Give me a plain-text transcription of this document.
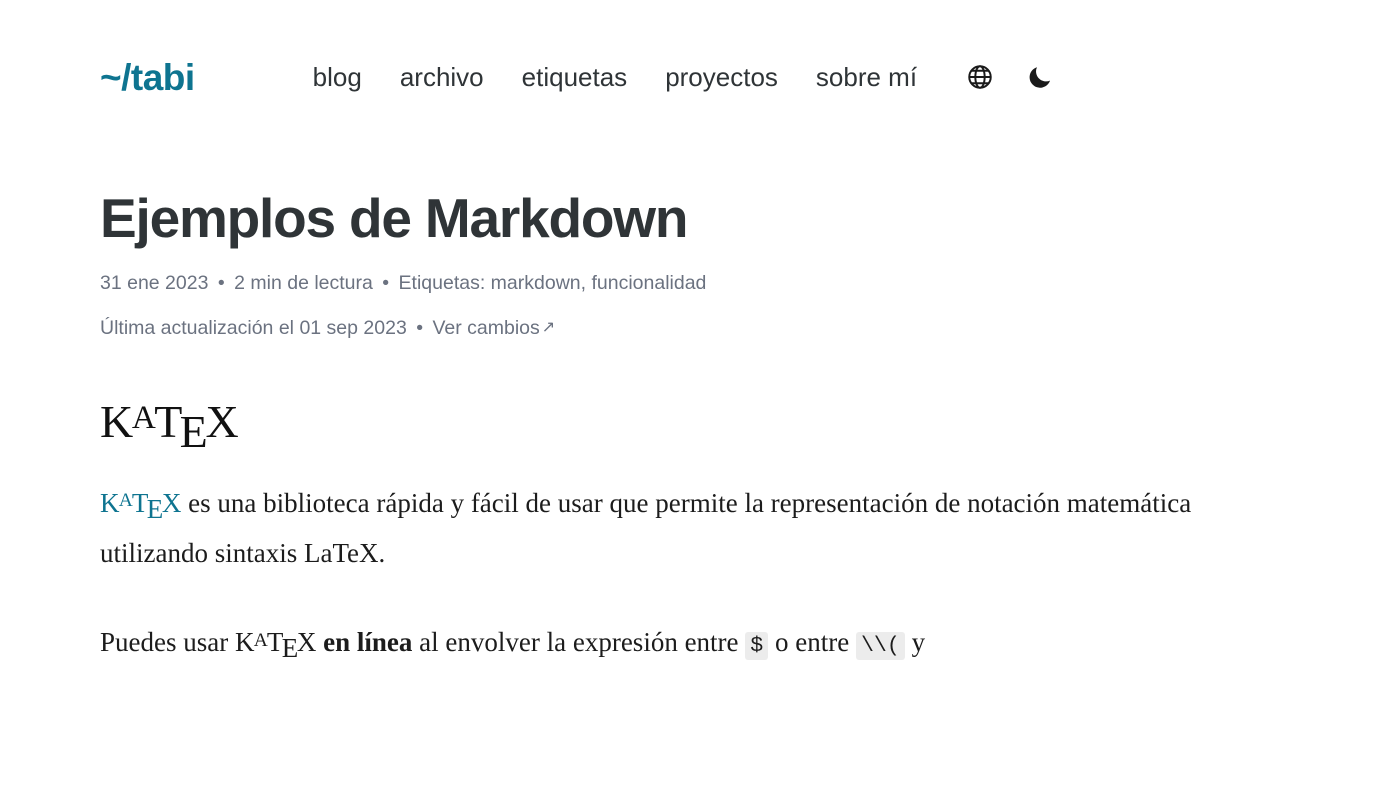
~/tabi	blog archivo etiquetas proyectos sobre mí
Ejemplos de Markdown
31 ene 2023 • 2 min de lectura • Etiquetas: markdown, funcionalidad
Última actualización el 01 sep 2023 • Ver cambios ↗
$K^ATEX$

K$^A$TEX es una biblioteca rápida y fácil de usar que permite la representación de notación matemática utilizando sintaxis LaTeX.

Puedes usar $K^ATEX$ en línea al envolver la expresión entre $ o entre \\( y
